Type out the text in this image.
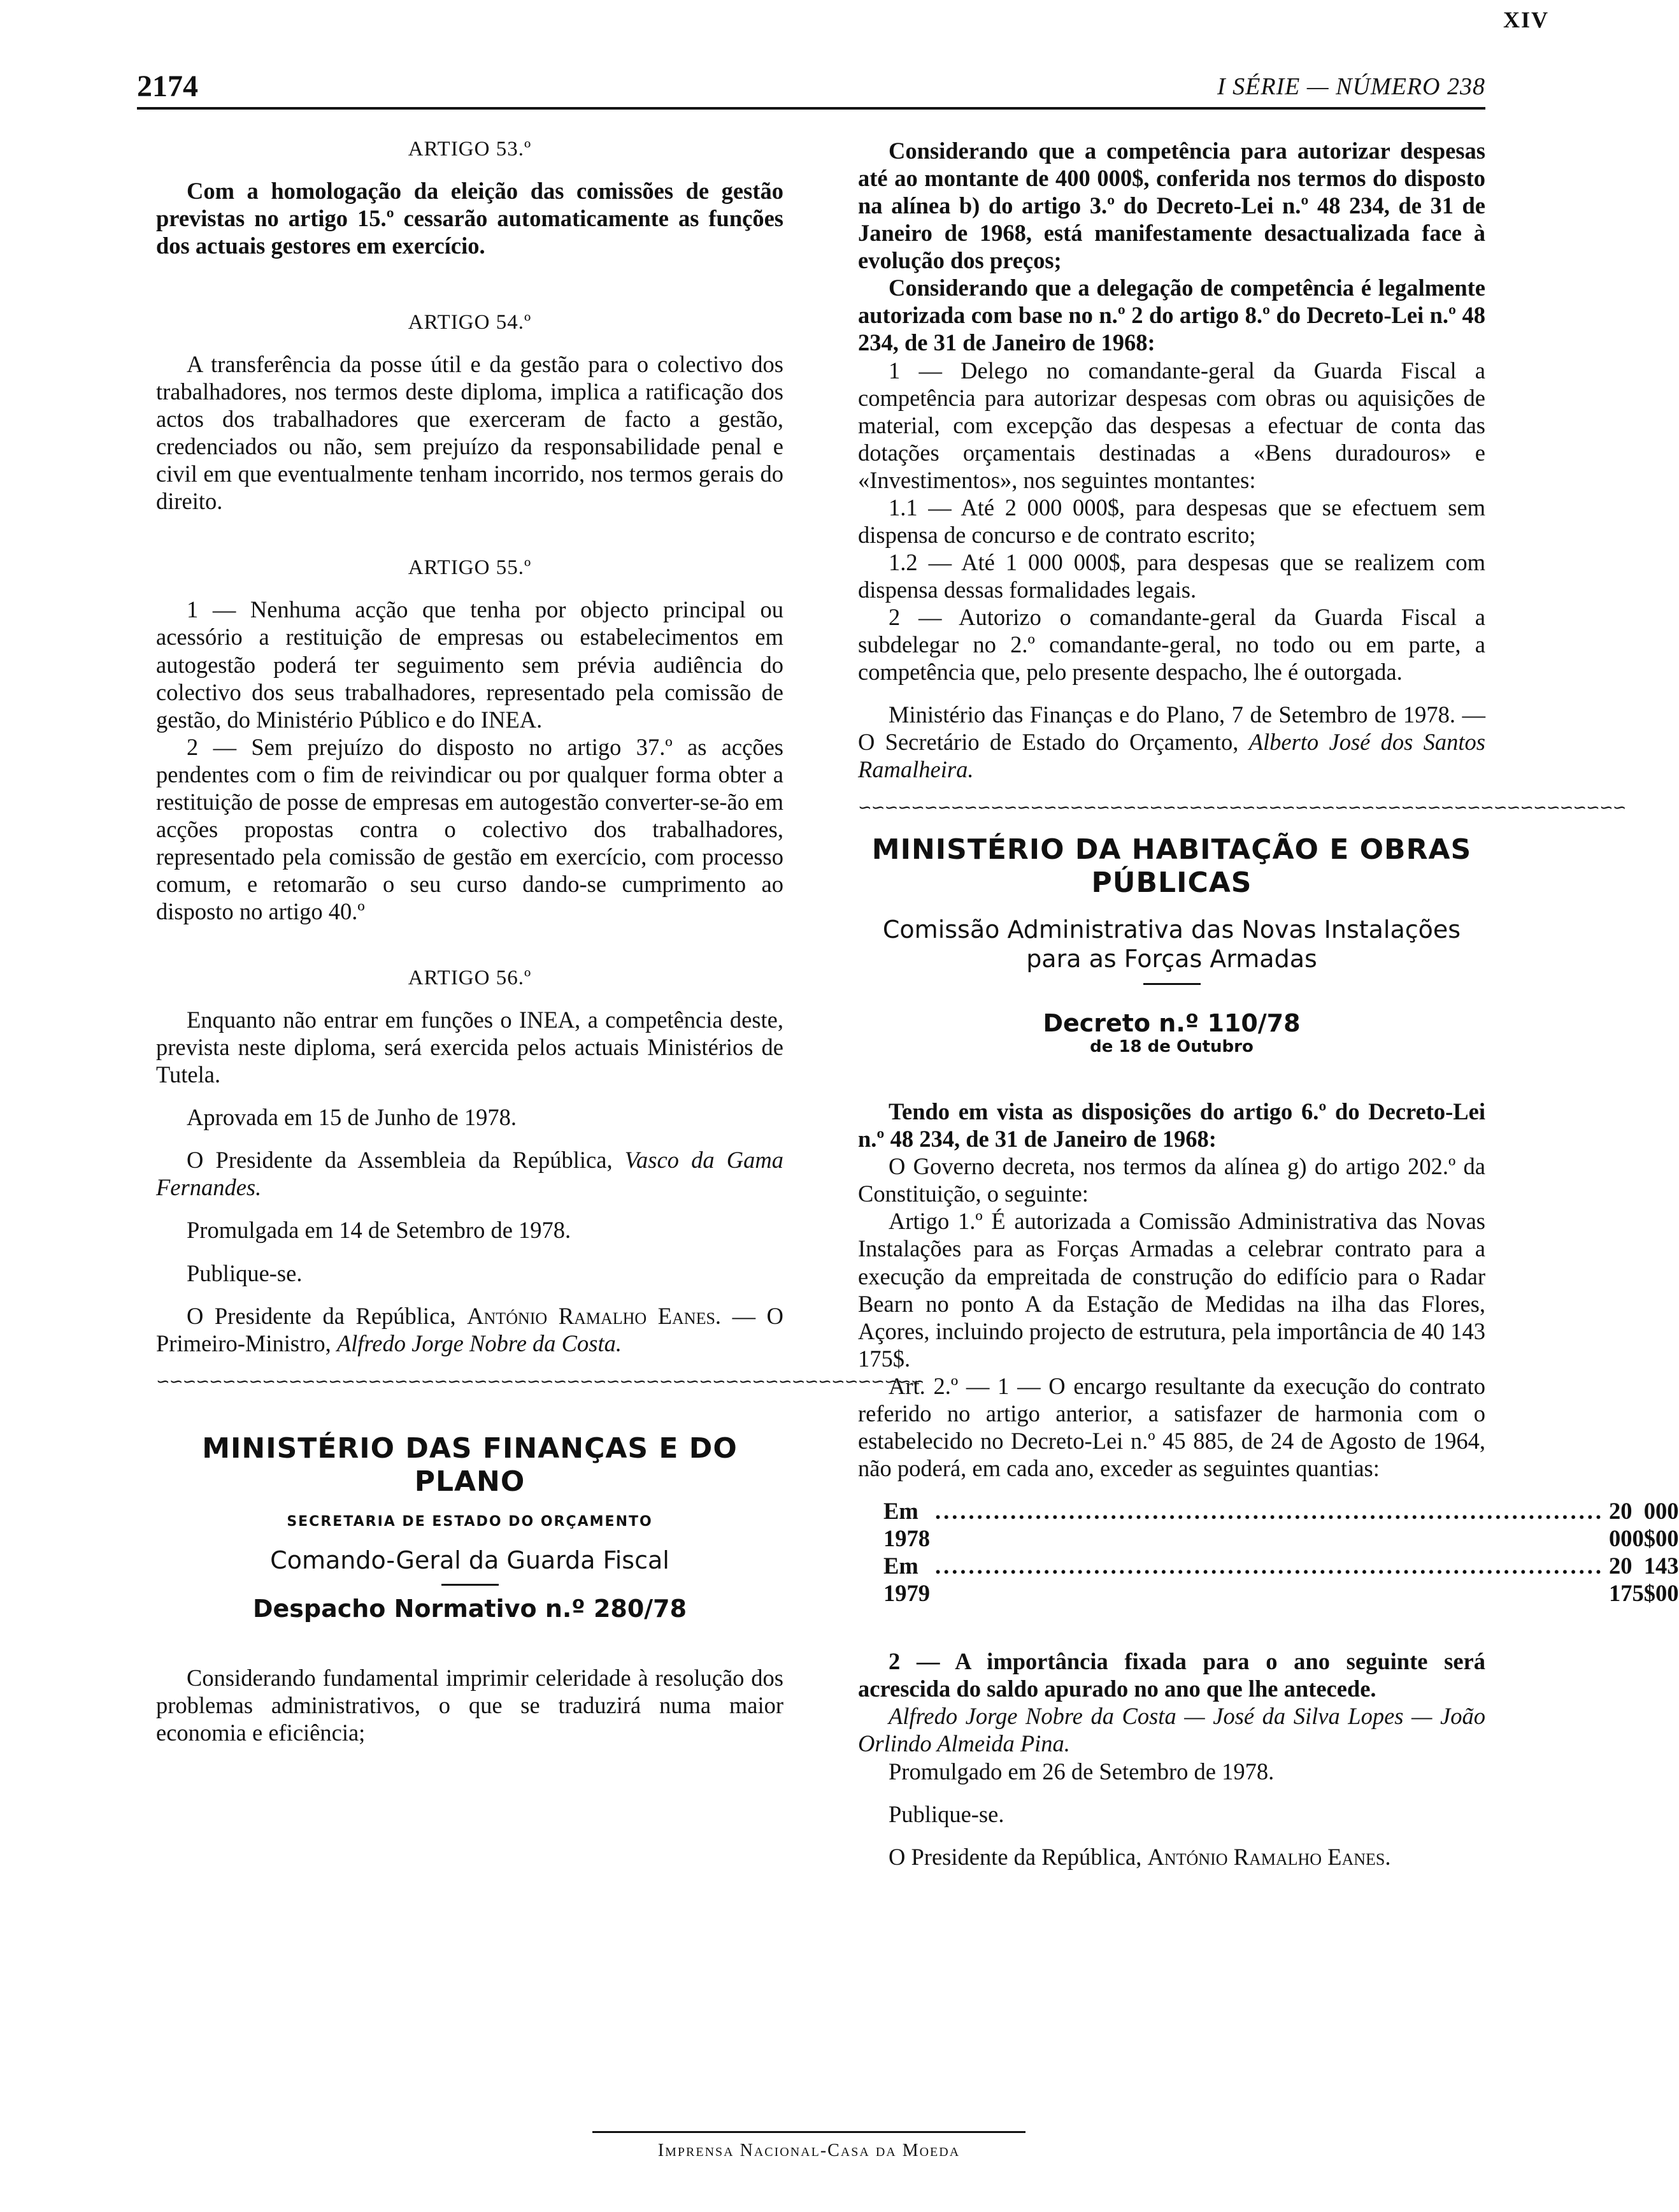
XIV
2174	I SÉRIE — NÚMERO 238

ARTIGO 53.º

Com a homologação da eleição das comissões de gestão previstas no artigo 15.º cessarão automaticamente as funções dos actuais gestores em exercício.

ARTIGO 54.º

A transferência da posse útil e da gestão para o colectivo dos trabalhadores, nos termos deste diploma, implica a ratificação dos actos dos trabalhadores que exerceram de facto a gestão, credenciados ou não, sem prejuízo da responsabilidade penal e civil em que eventualmente tenham incorrido, nos termos gerais do direito.

ARTIGO 55.º

1 — Nenhuma acção que tenha por objecto principal ou acessório a restituição de empresas ou estabelecimentos em autogestão poderá ter seguimento sem prévia audiência do colectivo dos seus trabalhadores, representado pela comissão de gestão, do Ministério Público e do INEA.

2 — Sem prejuízo do disposto no artigo 37.º as acções pendentes com o fim de reivindicar ou por qualquer forma obter a restituição de posse de empresas em autogestão converter-se-ão em acções propostas contra o colectivo dos trabalhadores, representado pela comissão de gestão em exercício, com processo comum, e retomarão o seu curso dando-se cumprimento ao disposto no artigo 40.º

ARTIGO 56.º

Enquanto não entrar em funções o INEA, a competência deste, prevista neste diploma, será exercida pelos actuais Ministérios de Tutela.

Aprovada em 15 de Junho de 1978.

O Presidente da Assembleia da República, Vasco da Gama Fernandes.

Promulgada em 14 de Setembro de 1978.

Publique-se.

O Presidente da República, António Ramalho Eanes. — O Primeiro-Ministro, Alfredo Jorge Nobre da Costa.

∽∽∽∽∽∽∽∽∽∽∽∽∽∽∽∽∽∽∽∽∽∽∽∽∽∽∽∽∽∽∽∽∽∽∽∽∽∽∽∽∽∽∽∽∽∽∽∽∽∽∽∽∽∽∽∽∽∽

MINISTÉRIO DAS FINANÇAS E DO PLANO

SECRETARIA DE ESTADO DO ORÇAMENTO

Comando-Geral da Guarda Fiscal

Despacho Normativo n.º 280/78

Considerando fundamental imprimir celeridade à resolução dos problemas administrativos, o que se traduzirá numa maior economia e eficiência;

Considerando que a competência para autorizar despesas até ao montante de 400 000$, conferida nos termos do disposto na alínea b) do artigo 3.º do Decreto-Lei n.º 48 234, de 31 de Janeiro de 1968, está manifestamente desactualizada face à evolução dos preços;

Considerando que a delegação de competência é legalmente autorizada com base no n.º 2 do artigo 8.º do Decreto-Lei n.º 48 234, de 31 de Janeiro de 1968:

1 — Delego no comandante-geral da Guarda Fiscal a competência para autorizar despesas com obras ou aquisições de material, com excepção das despesas a efectuar de conta das dotações orçamentais destinadas a «Bens duradouros» e «Investimentos», nos seguintes montantes:

1.1 — Até 2 000 000$, para despesas que se efectuem sem dispensa de concurso e de contrato escrito;

1.2 — Até 1 000 000$, para despesas que se realizem com dispensa dessas formalidades legais.

2 — Autorizo o comandante-geral da Guarda Fiscal a subdelegar no 2.º comandante-geral, no todo ou em parte, a competência que, pelo presente despacho, lhe é outorgada.

Ministério das Finanças e do Plano, 7 de Setembro de 1978. — O Secretário de Estado do Orçamento, Alberto José dos Santos Ramalheira.

∽∽∽∽∽∽∽∽∽∽∽∽∽∽∽∽∽∽∽∽∽∽∽∽∽∽∽∽∽∽∽∽∽∽∽∽∽∽∽∽∽∽∽∽∽∽∽∽∽∽∽∽∽∽∽∽∽∽

MINISTÉRIO DA HABITAÇÃO E OBRAS PÚBLICAS

Comissão Administrativa das Novas Instalações

para as Forças Armadas

Decreto n.º 110/78

de 18 de Outubro

Tendo em vista as disposições do artigo 6.º do Decreto-Lei n.º 48 234, de 31 de Janeiro de 1968:

O Governo decreta, nos termos da alínea g) do artigo 202.º da Constituição, o seguinte:

Artigo 1.º É autorizada a Comissão Administrativa das Novas Instalações para as Forças Armadas a celebrar contrato para a execução da empreitada de construção do edifício para o Radar Bearn no ponto A da Estação de Medidas na ilha das Flores, Açores, incluindo projecto de estrutura, pela importância de 40 143 175$.

Art. 2.º — 1 — O encargo resultante da execução do contrato referido no artigo anterior, a satisfazer de harmonia com o estabelecido no Decreto-Lei n.º 45 885, de 24 de Agosto de 1964, não poderá, em cada ano, exceder as seguintes quantias:

Em 1978
.....
20 000 000$00
Em 1979
.....
20 143 175$00

2 — A importância fixada para o ano seguinte será acrescida do saldo apurado no ano que lhe antecede.

Alfredo Jorge Nobre da Costa — José da Silva Lopes — João Orlindo Almeida Pina.

Promulgado em 26 de Setembro de 1978.

Publique-se.

O Presidente da República, António Ramalho Eanes.

Imprensa Nacional-Casa da Moeda
